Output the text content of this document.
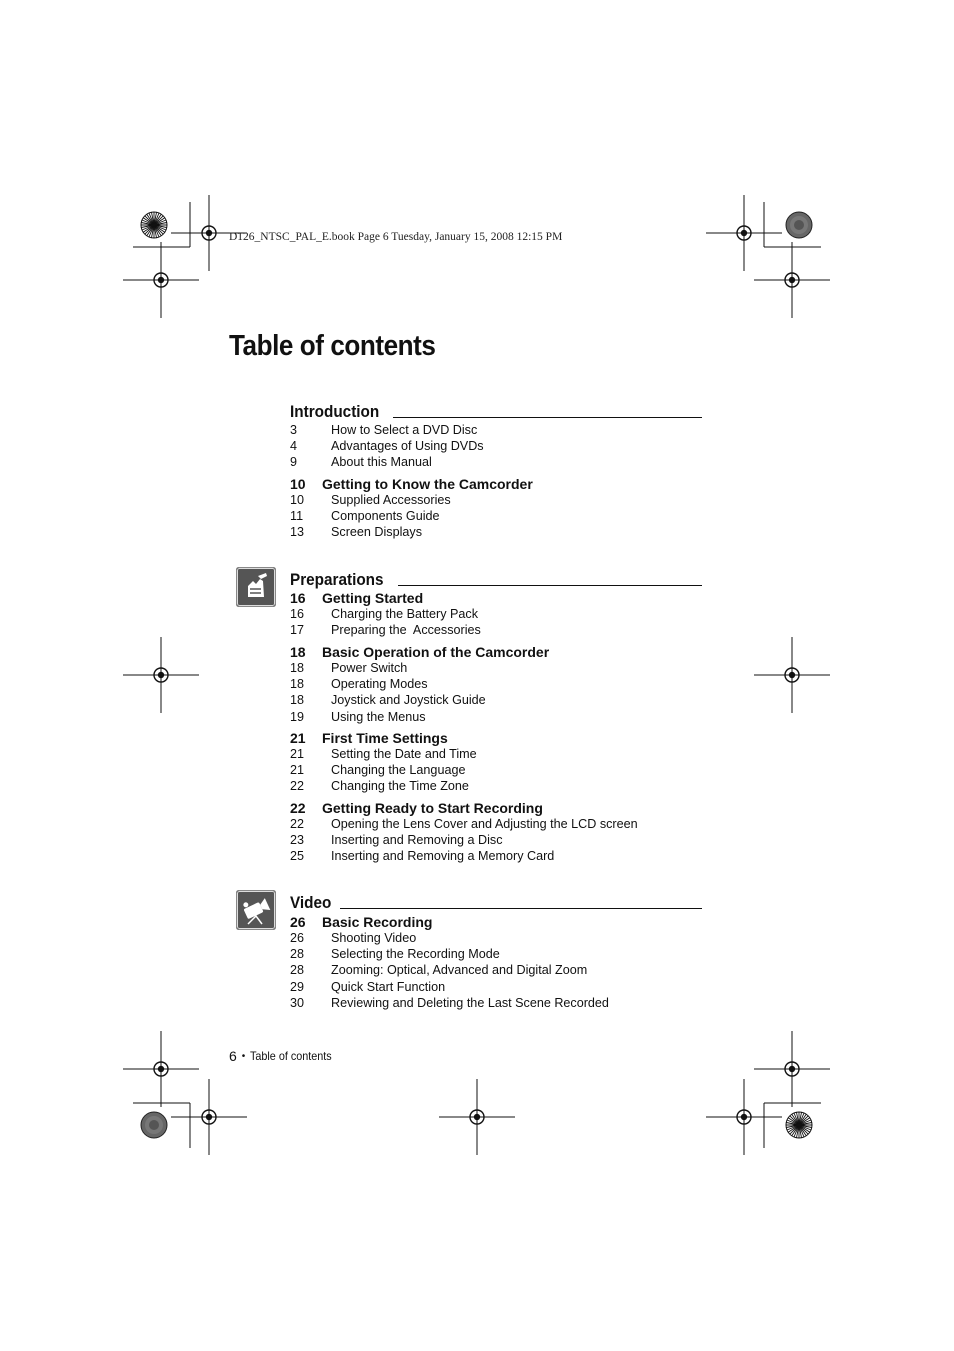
D126_NTSC_PAL_E.book Page 6 Tuesday, January 15, 2008 12:15 PM
Table of contents
Introduction
3	How to Select a DVD Disc
4	Advantages of Using DVDs
9	About this Manual
10	Getting to Know the Camcorder
10	Supplied Accessories
11	Components Guide
13	Screen Displays
Preparations
16	Getting Started
16	Charging the Battery Pack
17	Preparing the  Accessories
18	Basic Operation of the Camcorder
18	Power Switch
18	Operating Modes
18	Joystick and Joystick Guide
19	Using the Menus
21	First Time Settings
21	Setting the Date and Time
21	Changing the Language
22	Changing the Time Zone
22	Getting Ready to Start Recording
22	Opening the Lens Cover and Adjusting the LCD screen
23	Inserting and Removing a Disc
25	Inserting and Removing a Memory Card
Video
26	Basic Recording
26	Shooting Video
28	Selecting the Recording Mode
28	Zooming: Optical, Advanced and Digital Zoom
29	Quick Start Function
30	Reviewing and Deleting the Last Scene Recorded
6 • Table of contents
